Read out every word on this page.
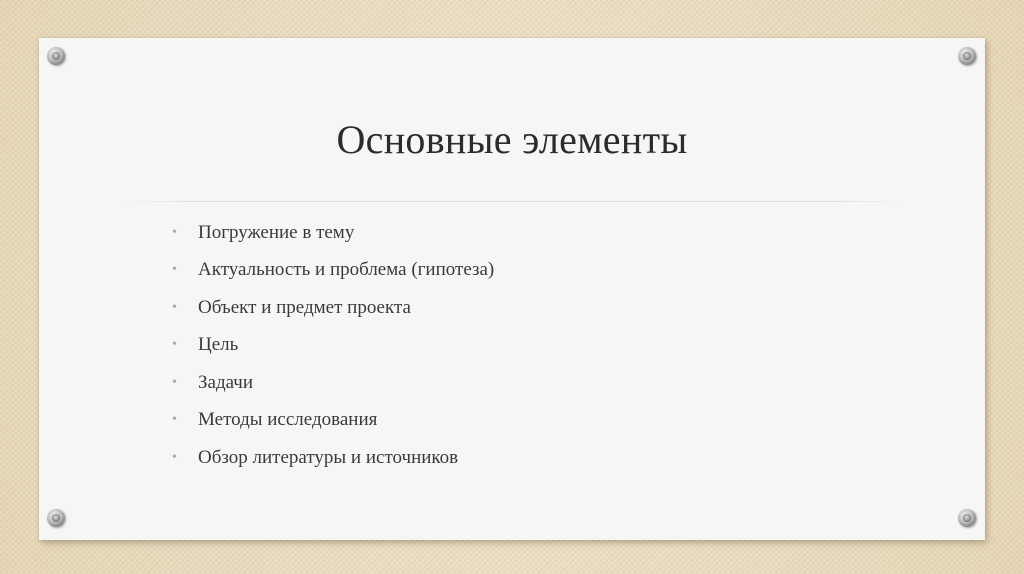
Основные элементы
•	Погружение в тему
•	Актуальность и проблема (гипотеза)
•	Объект и предмет проекта
•	Цель
•	Задачи
•	Методы исследования
•	Обзор литературы и источников
